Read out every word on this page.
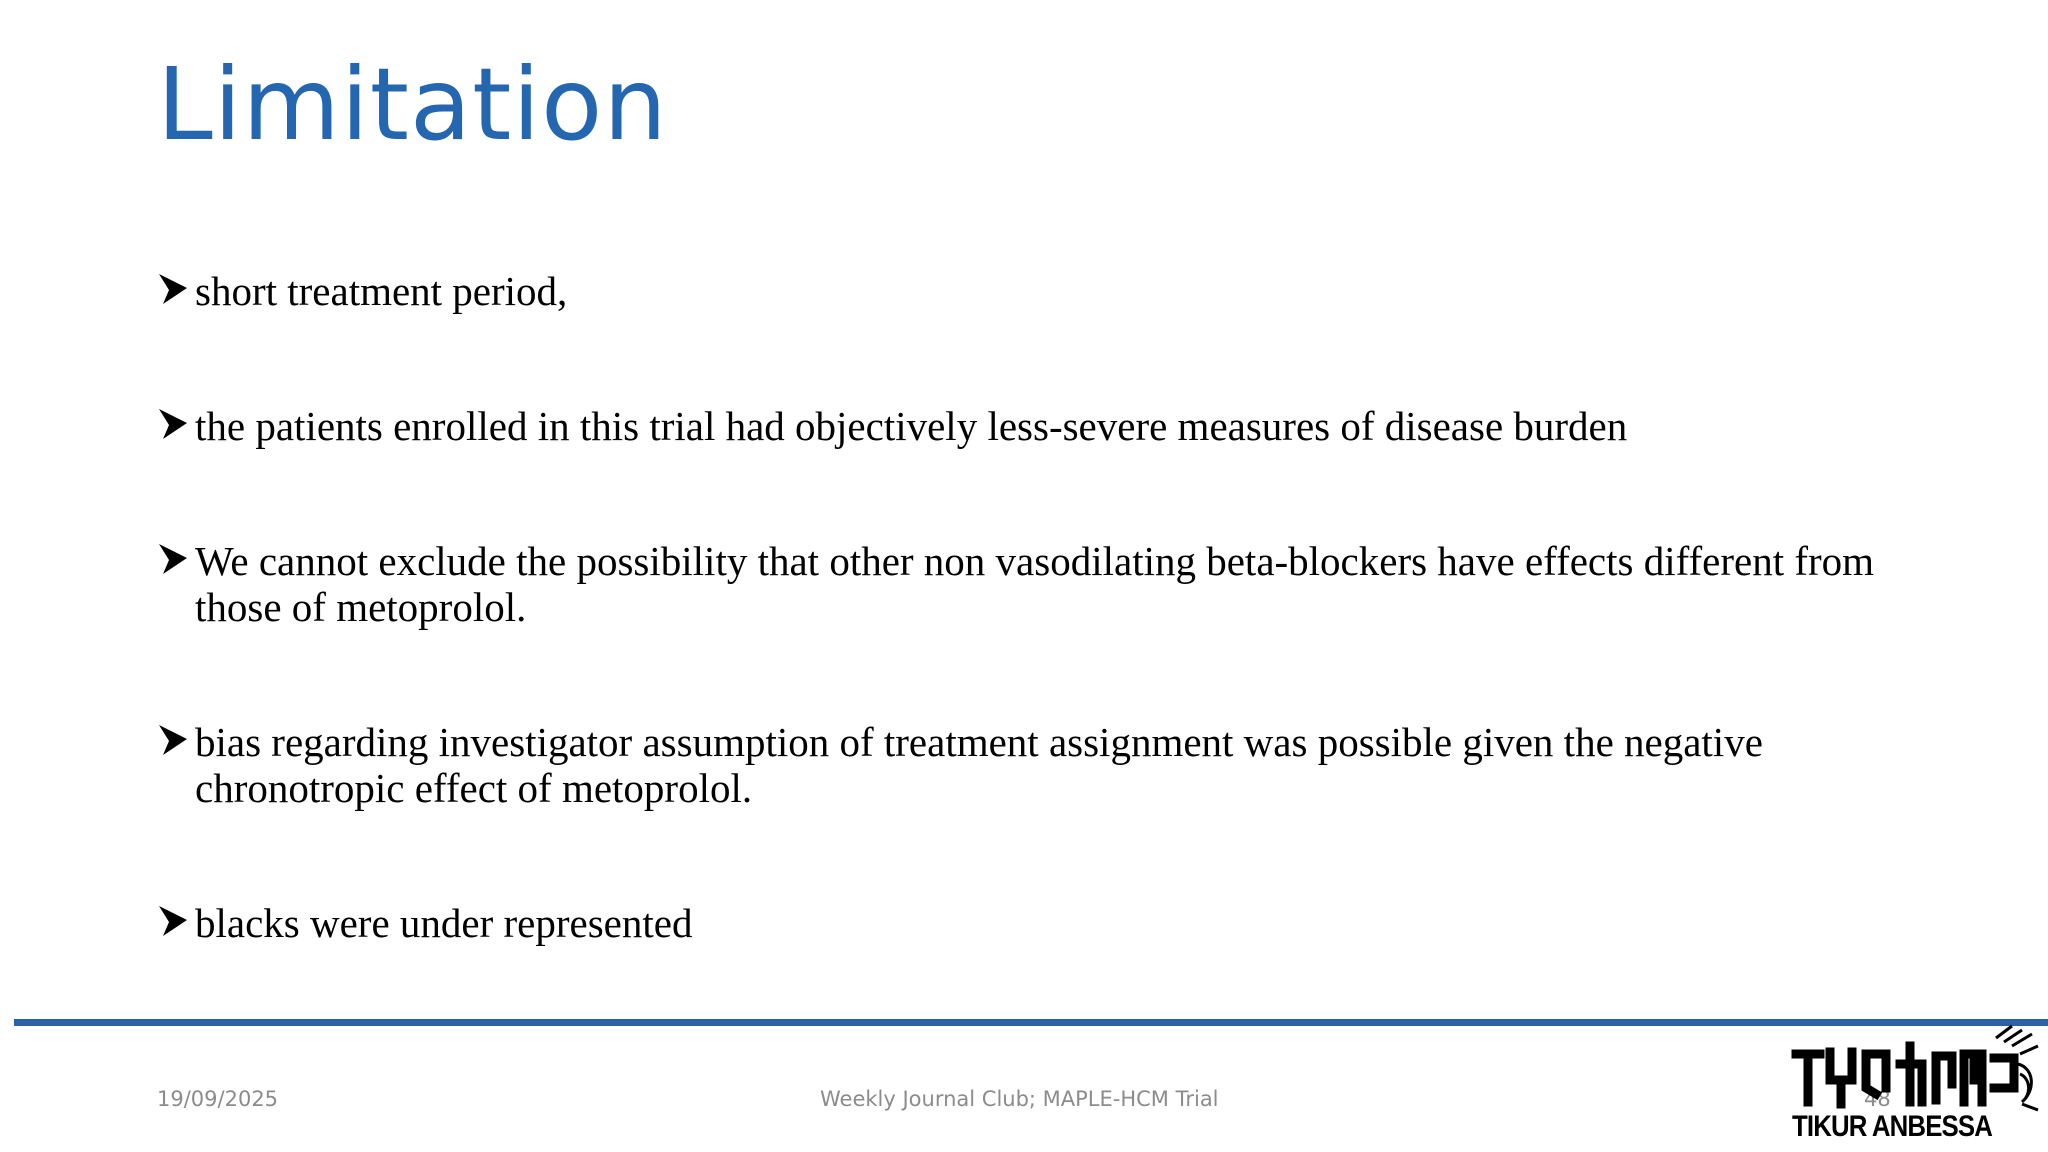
Limitation
short treatment period,
the patients enrolled in this trial had objectively less-severe measures of disease burden
We cannot exclude the possibility that other non vasodilating beta-blockers have effects different from those of metoprolol.
bias regarding investigator assumption of treatment assignment was possible given the negative chronotropic effect of metoprolol.
blacks were under represented
19/09/2025	Weekly Journal Club; MAPLE-HCM Trial	48
TIKUR ANBESSA
